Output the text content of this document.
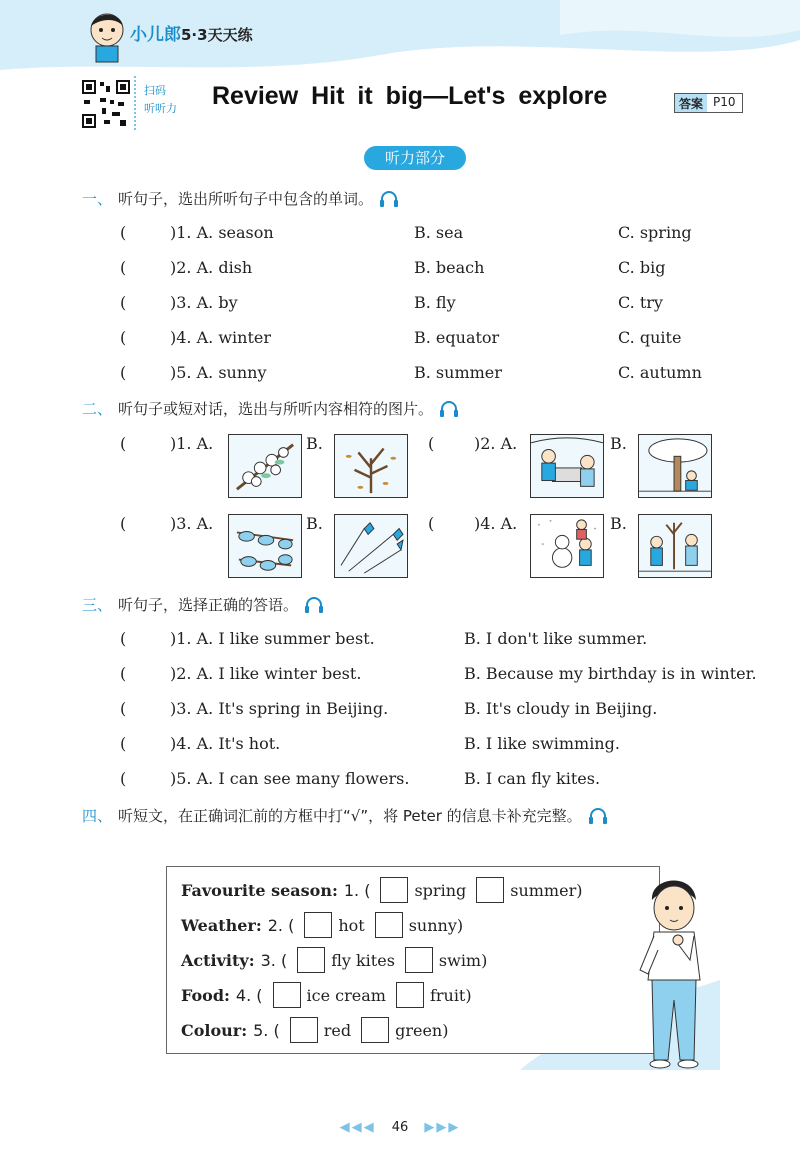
小儿郎5·3天天练
扫码
听听力	Review Hit it big—Let's explore	答案 P10
听力部分
一、 听句子，选出所听句子中包含的单词。
(	)1. A. season	B. sea	C. spring
(	)2. A. dish	B. beach	C. big
(	)3. A. by	B. fly	C. try
(	)4. A. winter	B. equator	C. quite
(	)5. A. sunny	B. summer	C. autumn
二、 听句子或短对话，选出与所听内容相符的图片。
(	)1. A.	B.	( )2. A.	B.
(	)3. A.	B.	( )4. A.	B.
三、 听句子，选择正确的答语。
(	)1. A. I like summer best.	B. I don't like summer.
(	)2. A. I like winter best.	B. Because my birthday is in winter.
(	)3. A. It's spring in Beijing.	B. It's cloudy in Beijing.
(	)4. A. It's hot.	B. I like swimming.
(	)5. A. I can see many flowers.	B. I can fly kites.
四、 听短文，在正确词汇前的方框中打“√”，将 Peter 的信息卡补充完整。
Favourite season: 1. (	spring	summer)
Weather: 2. (	hot	sunny)
Activity: 3. (	fly kites	swim)
Food: 4. (	ice cream	fruit)
Colour: 5. (	red	green)
◀◀◀ 46 ▶▶▶
